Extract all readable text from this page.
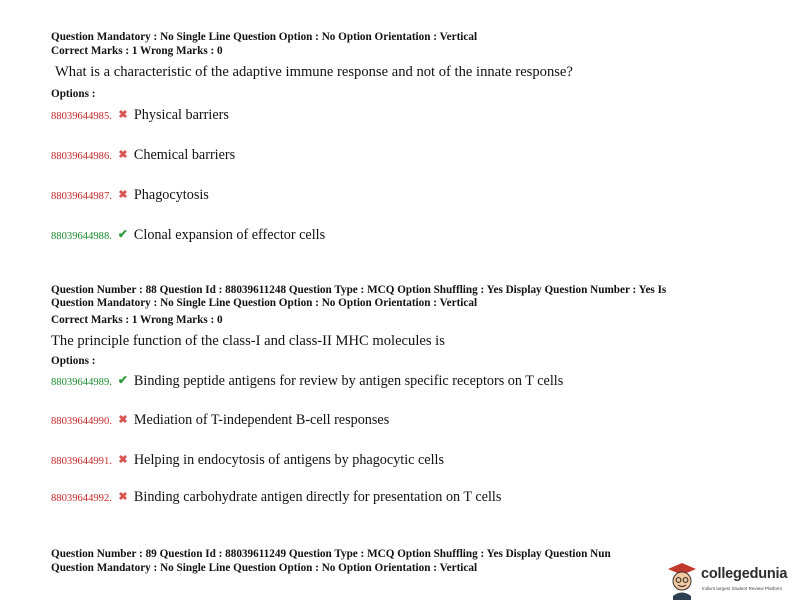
Question Mandatory : No Single Line Question Option : No Option Orientation : Vertical
Correct Marks : 1 Wrong Marks : 0
What is a characteristic of the adaptive immune response and not of the innate response?
Options :
88039644985. ✖ Physical barriers
88039644986. ✖ Chemical barriers
88039644987. ✖ Phagocytosis
88039644988. ✔ Clonal expansion of effector cells
Question Number : 88 Question Id : 88039611248 Question Type : MCQ Option Shuffling : Yes Display Question Number : Yes Is
Question Mandatory : No Single Line Question Option : No Option Orientation : Vertical
Correct Marks : 1 Wrong Marks : 0
The principle function of the class-I and class-II MHC molecules is
Options :
88039644989. ✔ Binding peptide antigens for review by antigen specific receptors on T cells
88039644990. ✖ Mediation of T-independent B-cell responses
88039644991. ✖ Helping in endocytosis of antigens by phagocytic cells
88039644992. ✖ Binding carbohydrate antigen directly for presentation on T cells
Question Number : 89 Question Id : 88039611249 Question Type : MCQ Option Shuffling : Yes Display Question Nun
Question Mandatory : No Single Line Question Option : No Option Orientation : Vertical	collegedunia
India's largest Student Review Platform
